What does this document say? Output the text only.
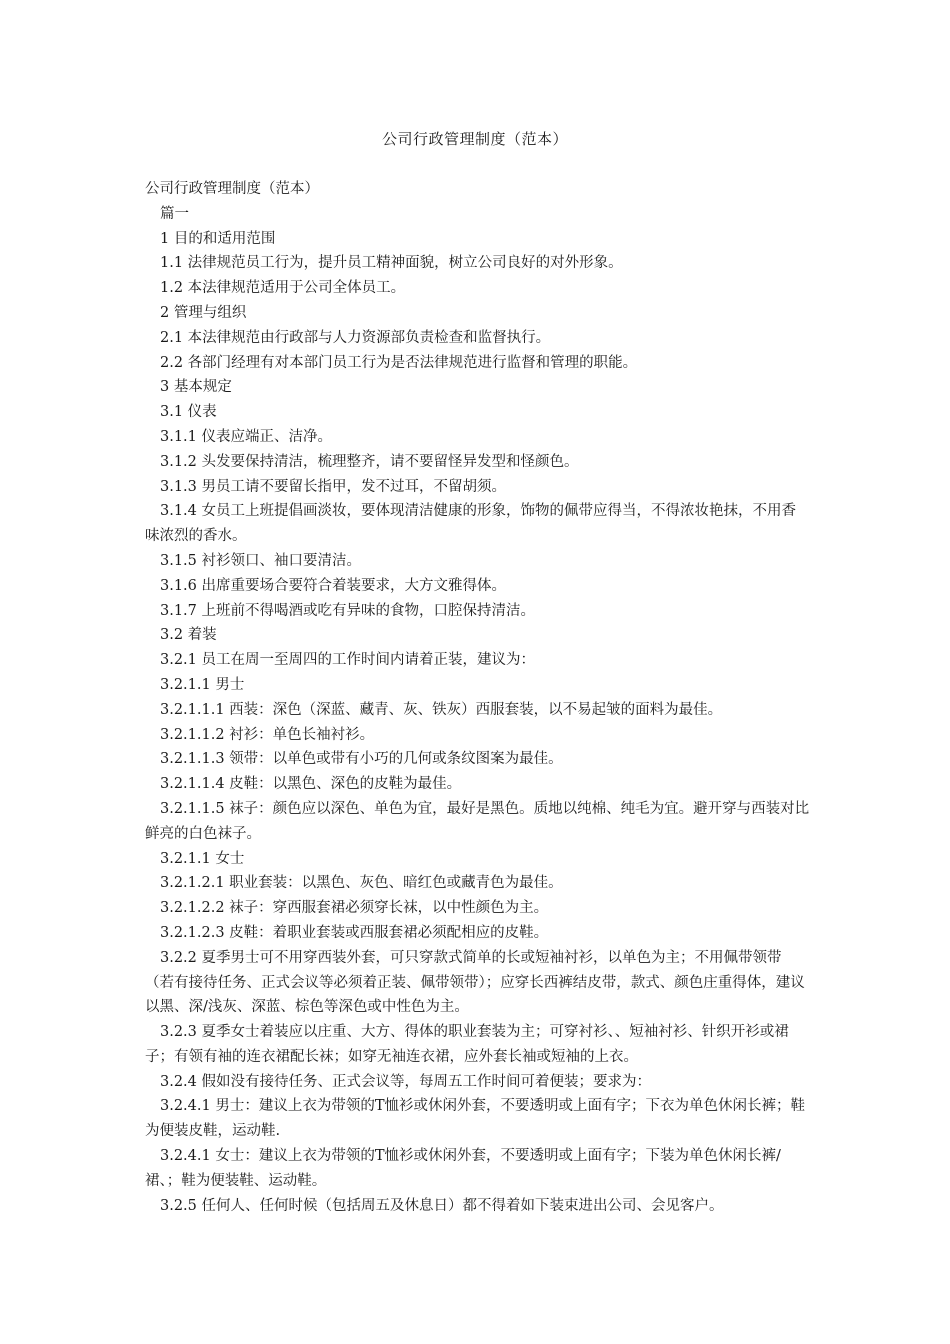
公司行政管理制度（范本）

公司行政管理制度（范本）

篇一

1 目的和适用范围

1.1 法律规范员工行为，提升员工精神面貌，树立公司良好的对外形象。

1.2 本法律规范适用于公司全体员工。

2 管理与组织

2.1 本法律规范由行政部与人力资源部负责检查和监督执行。

2.2 各部门经理有对本部门员工行为是否法律规范进行监督和管理的职能。

3 基本规定

3.1 仪表

3.1.1 仪表应端正、洁净。

3.1.2 头发要保持清洁，梳理整齐，请不要留怪异发型和怪颜色。

3.1.3 男员工请不要留长指甲，发不过耳，不留胡须。

3.1.4 女员工上班提倡画淡妆，要体现清洁健康的形象，饰物的佩带应得当，不得浓妆艳抹，不用香味浓烈的香水。

3.1.5 衬衫领口、袖口要清洁。

3.1.6 出席重要场合要符合着装要求，大方文雅得体。

3.1.7 上班前不得喝酒或吃有异味的食物，口腔保持清洁。

3.2 着装

3.2.1 员工在周一至周四的工作时间内请着正装，建议为：

3.2.1.1 男士

3.2.1.1.1 西装：深色（深蓝、藏青、灰、铁灰）西服套装，以不易起皱的面料为最佳。

3.2.1.1.2 衬衫：单色长袖衬衫。

3.2.1.1.3 领带：以单色或带有小巧的几何或条纹图案为最佳。

3.2.1.1.4 皮鞋：以黑色、深色的皮鞋为最佳。

3.2.1.1.5 袜子：颜色应以深色、单色为宜，最好是黑色。质地以纯棉、纯毛为宜。避开穿与西装对比鲜亮的白色袜子。

3.2.1.1 女士

3.2.1.2.1 职业套装：以黑色、灰色、暗红色或藏青色为最佳。

3.2.1.2.2 袜子：穿西服套裙必须穿长袜，以中性颜色为主。

3.2.1.2.3 皮鞋：着职业套装或西服套裙必须配相应的皮鞋。

3.2.2 夏季男士可不用穿西装外套，可只穿款式简单的长或短袖衬衫，以单色为主；不用佩带领带（若有接待任务、正式会议等必须着正装、佩带领带）；应穿长西裤结皮带，款式、颜色庄重得体，建议以黑、深/浅灰、深蓝、棕色等深色或中性色为主。

3.2.3 夏季女士着装应以庄重、大方、得体的职业套装为主；可穿衬衫、、短袖衬衫、针织开衫或裙子；有领有袖的连衣裙配长袜；如穿无袖连衣裙，应外套长袖或短袖的上衣。

3.2.4 假如没有接待任务、正式会议等，每周五工作时间可着便装；要求为：

3.2.4.1 男士：建议上衣为带领的T恤衫或休闲外套，不要透明或上面有字；下衣为单色休闲长裤；鞋为便装皮鞋，运动鞋.

3.2.4.1 女士：建议上衣为带领的T恤衫或休闲外套，不要透明或上面有字；下装为单色休闲长裤/裙、；鞋为便装鞋、运动鞋。

3.2.5 任何人、任何时候（包括周五及休息日）都不得着如下装束进出公司、会见客户。
